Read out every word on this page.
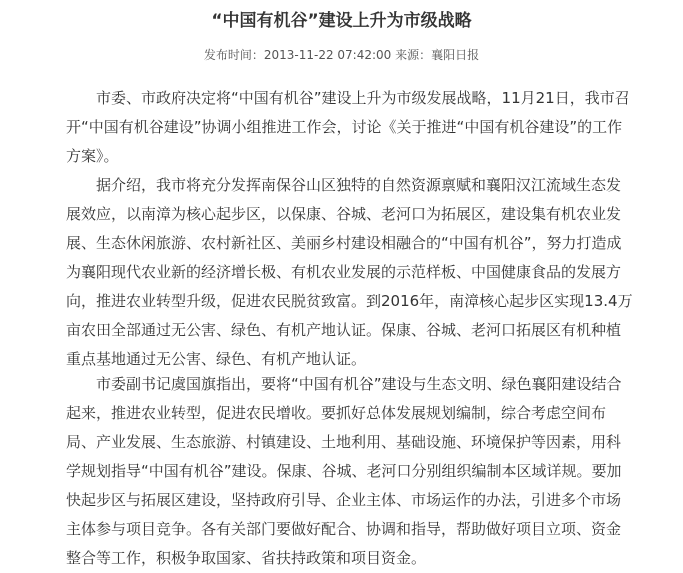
“中国有机谷”建设上升为市级战略
发布时间：2013-11-22 07:42:00 来源：襄阳日报

市委、市政府决定将“中国有机谷”建设上升为市级发展战略，11月21日，我市召开“中国有机谷建设”协调小组推进工作会，讨论《关于推进“中国有机谷建设”的工作方案》。

据介绍，我市将充分发挥南保谷山区独特的自然资源禀赋和襄阳汉江流域生态发展效应，以南漳为核心起步区，以保康、谷城、老河口为拓展区，建设集有机农业发展、生态休闲旅游、农村新社区、美丽乡村建设相融合的“中国有机谷”，努力打造成为襄阳现代农业新的经济增长极、有机农业发展的示范样板、中国健康食品的发展方向，推进农业转型升级，促进农民脱贫致富。到2016年，南漳核心起步区实现13.4万亩农田全部通过无公害、绿色、有机产地认证。保康、谷城、老河口拓展区有机种植重点基地通过无公害、绿色、有机产地认证。

市委副书记虞国旗指出，要将“中国有机谷”建设与生态文明、绿色襄阳建设结合起来，推进农业转型，促进农民增收。要抓好总体发展规划编制，综合考虑空间布局、产业发展、生态旅游、村镇建设、土地利用、基础设施、环境保护等因素，用科学规划指导“中国有机谷”建设。保康、谷城、老河口分别组织编制本区域详规。要加快起步区与拓展区建设，坚持政府引导、企业主体、市场运作的办法，引进多个市场主体参与项目竞争。各有关部门要做好配合、协调和指导，帮助做好项目立项、资金整合等工作，积极争取国家、省扶持政策和项目资金。
